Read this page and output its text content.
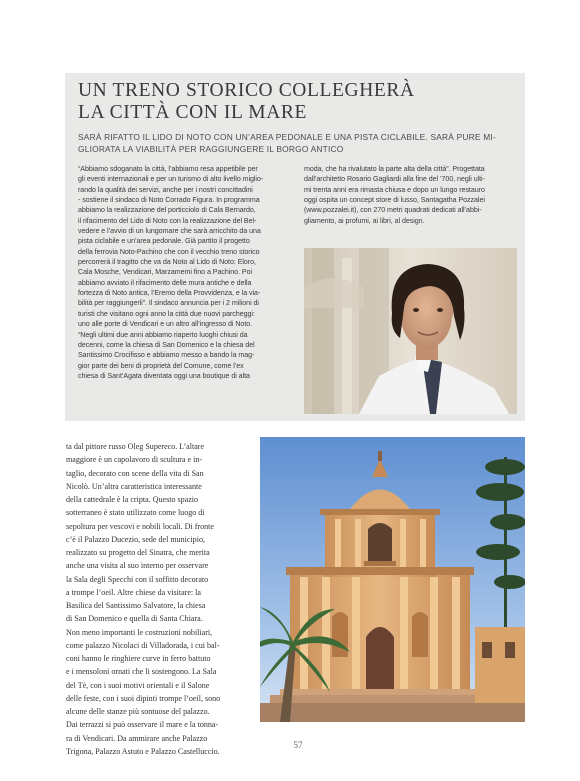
UN TRENO STORICO COLLEGHERÀ
LA CITTÀ CON IL MARE

SARÀ RIFATTO IL LIDO DI NOTO CON UN’AREA PEDONALE E UNA PISTA CICLABILE. SARÀ PURE MI-
GLIORATA LA VIABILITÀ PER RAGGIUNGERE IL BORGO ANTICO

“Abbiamo sdoganato la città, l’abbiamo resa appetibile per
gli eventi internazionali e per un turismo di alto livello miglio-
rando la qualità dei servizi, anche per i nostri concittadini
- sostiene il sindaco di Noto Corrado Figura. In programma
abbiamo la realizzazione del porticciolo di Cala Bernardo,
il rifacimento del Lido di Noto con la realizzazione del Bel-
vedere e l’avvio di un lungomare che sarà arricchito da una
pista ciclabile e un’area pedonale. Già partito il progetto
della ferrovia Noto-Pachino che con il vecchio treno storico
percorrerà il tragitto che va da Noto al Lido di Noto: Eloro,
Cala Mosche, Vendicari, Marzamemi fino a Pachino. Poi
abbiamo avviato il rifacimento delle mura antiche e della
fortezza di Noto antica, l’Eremo della Provvidenza, e la via-
bilità per raggiungerli”. Il sindaco annuncia per i 2 milioni di
turisti che visitano ogni anno la città due nuovi parcheggi:
uno alle porte di Vendicari e un altro all’ingresso di Noto.
“Negli ultimi due anni abbiamo riaperto luoghi chiusi da
decenni, come la chiesa di San Domenico e la chiesa del
Santissimo Crocifisso e abbiamo messo a bando la mag-
gior parte dei beni di proprietà del Comune, come l’ex
chiesa di Sant’Agata diventata oggi una boutique di alta
moda, che ha rivalutato la parte alta della città”. Progettata
dall’architetto Rosario Gagliardi alla fine del ’700, negli ulti-
mi trenta anni era rimasta chiusa e dopo un lungo restauro
oggi ospita un concept store di lusso, Santagatha Pozzalei
(www.pozzalei.it), con 270 metri quadrati dedicati all’abbi-
gliamento, ai profumi, ai libri, al design.
ta dal pittore russo Oleg Supereco. L’altare
maggiore è un capolavoro di scultura e in-
taglio, decorato con scene della vita di San
Nicolò. Un’altra caratteristica interessante
della cattedrale è la cripta. Questo spazio
sotterraneo è stato utilizzato come luogo di
sepoltura per vescovi e nobili locali. Di fronte
c’è il Palazzo Ducezio, sede del municipio,
realizzato su progetto del Sinatra, che merita
anche una visita al suo interno per osservare
la Sala degli Specchi con il soffitto decorato
a trompe l’oeil. Altre chiese da visitare: la
Basilica del Santissimo Salvatore, la chiesa
di San Domenico e quella di Santa Chiara.
Non meno importanti le costruzioni nobiliari,
come palazzo Nicolaci di Villadorada, i cui bal-
coni hanno le ringhiere curve in ferro battuto
e i mensoloni ornati che li sostengono. La Sala
del Tè, con i suoi motivi orientali e il Salone
delle feste, con i suoi dipinti trompe l’oeil, sono
alcune delle stanze più sontuose del palazzo.
Dai terrazzi si può osservare il mare e la tonna-
ra di Vendicari. Da ammirare anche Palazzo
Trigona, Palazzo Astuto e Palazzo Castelluccio.
57
